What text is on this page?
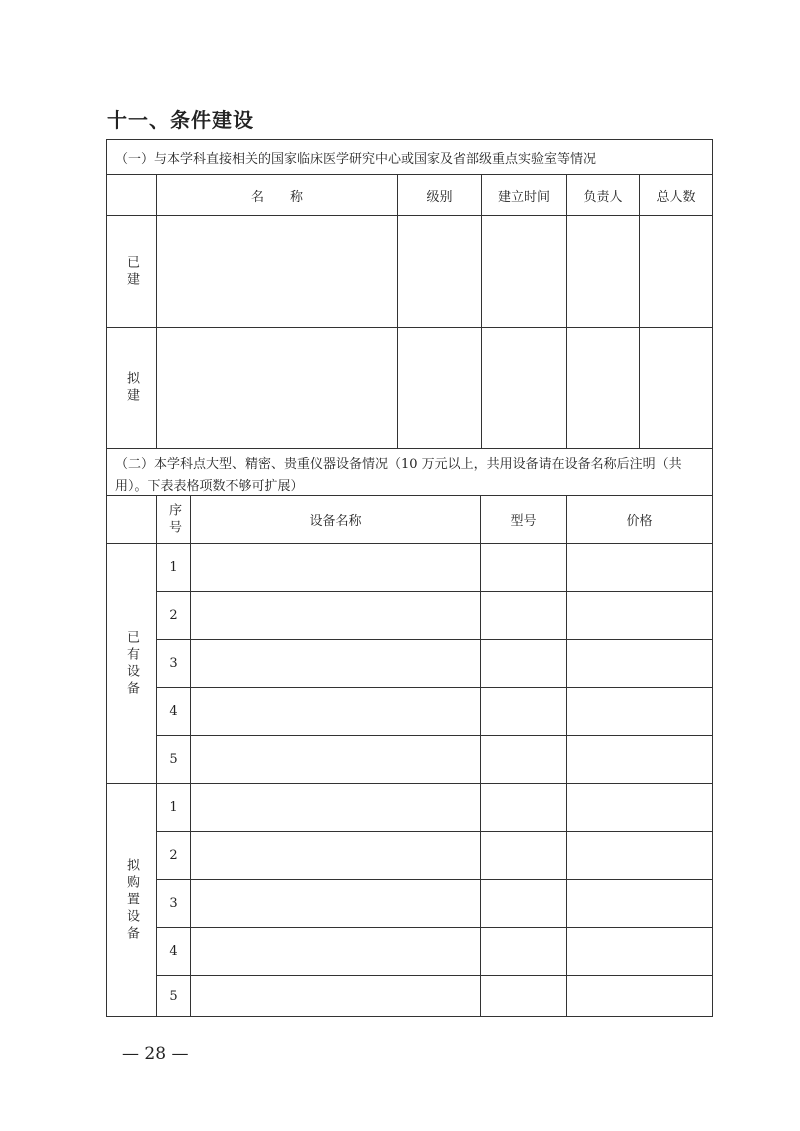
十一、条件建设
（一）与本学科直接相关的国家临床医学研究中心或国家及省部级重点实验室等情况
名　　称	级别	建立时间	负责人	总人数
已建
拟建
（二）本学科点大型、精密、贵重仪器设备情况（10 万元以上，共用设备请在设备名称后注明（共用）。下表表格项数不够可扩展）
序号	设备名称	型号	价格
已有设备
1
2
3
4
5
拟购置设备
1
2
3
4
5
— 28 —
